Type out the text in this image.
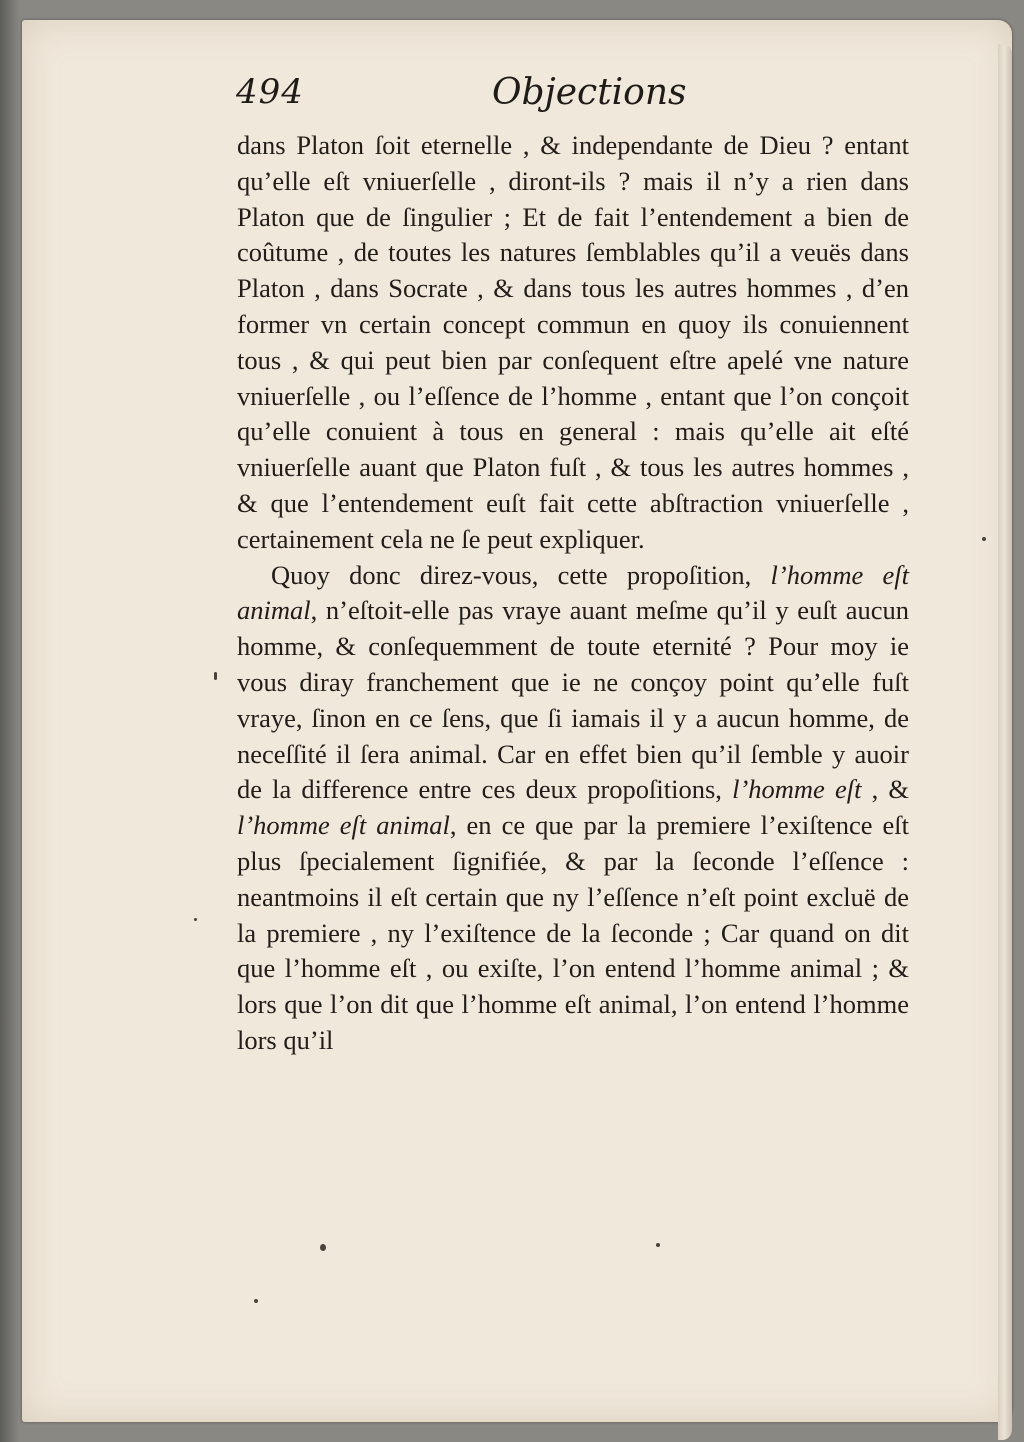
494	Objections

dans Platon ſoit eternelle , & independante de Dieu ? entant qu’elle eſt vniuerſelle , diront-ils ? mais il n’y a rien dans Platon que de ſingulier ; Et de fait l’entendement a bien de coûtume , de toutes les natures ſemblables qu’il a veuës dans Platon , dans Socrate , & dans tous les autres hommes , d’en former vn certain concept commun en quoy ils conuiennent tous , & qui peut bien par conſequent eſtre apelé vne nature vniuerſelle , ou l’eſſence de l’homme , entant que l’on conçoit qu’elle conuient à tous en general : mais qu’elle ait eſté vniuerſelle auant que Platon fuſt , & tous les autres hommes , & que l’entendement euſt fait cette abſtraction vniuerſelle , certainement cela ne ſe peut expliquer.

Quoy donc direz-vous, cette propoſition, l’homme eſt animal, n’eſtoit-elle pas vraye auant meſme qu’il y euſt aucun homme, & conſequemment de toute eternité ? Pour moy ie vous diray franchement que ie ne conçoy point qu’elle fuſt vraye, ſinon en ce ſens, que ſi iamais il y a aucun homme, de neceſſité il ſera animal. Car en effet bien qu’il ſemble y auoir de la difference entre ces deux propoſitions, l’homme eſt , & l’homme eſt animal, en ce que par la premiere l’exiſtence eſt plus ſpecialement ſignifiée, & par la ſeconde l’eſſence : neantmoins il eſt certain que ny l’eſſence n’eſt point excluë de la premiere , ny l’exiſtence de la ſeconde ; Car quand on dit que l’homme eſt , ou exiſte, l’on entend l’homme animal ; & lors que l’on dit que l’homme eſt animal, l’on entend l’homme lors qu’il
